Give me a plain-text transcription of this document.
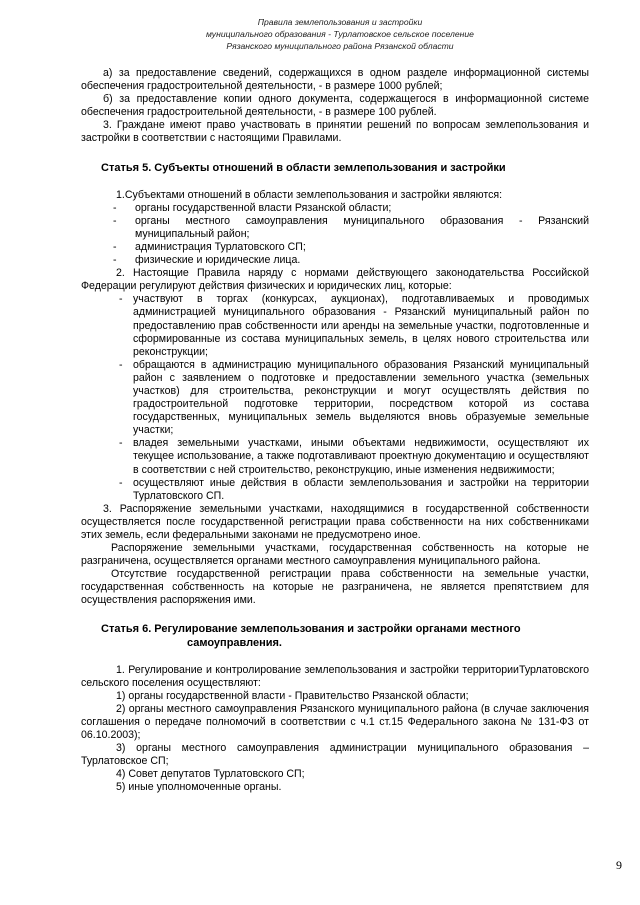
Правила землепользования и застройки
муниципального образования - Турлатовское сельское поселение
Рязанского муниципального района Рязанской области

а) за предоставление сведений, содержащихся в одном разделе информационной системы обеспечения градостроительной деятельности, - в размере 1000 рублей;

б) за предоставление копии одного документа, содержащегося в информационной системе обеспечения градостроительной деятельности, - в размере 100 рублей.

3. Граждане имеют право участвовать в принятии решений по вопросам землепользования и застройки в соответствии с настоящими Правилами.

Статья 5. Субъекты отношений в области землепользования и застройки

1.Субъектами отношений в области землепользования и застройки являются:

- органы государственной власти Рязанской области;
- органы местного самоуправления муниципального образования - Рязанский муниципальный район;
- администрация Турлатовского СП;
- физические и юридические лица.

2. Настоящие Правила наряду с нормами действующего законодательства Российской Федерации регулируют действия физических и юридических лиц, которые:

- участвуют в торгах (конкурсах, аукционах), подготавливаемых и проводимых администрацией муниципального образования - Рязанский муниципальный район по предоставлению прав собственности или аренды на земельные участки, подготовленные и сформированные из состава муниципальных земель, в целях нового строительства или реконструкции;
- обращаются в администрацию муниципального образования Рязанский муниципальный район с заявлением о подготовке и предоставлении земельного участка (земельных участков) для строительства, реконструкции и могут осуществлять действия по градостроительной подготовке территории, посредством которой из состава государственных, муниципальных земель выделяются вновь образуемые земельные участки;
- владея земельными участками, иными объектами недвижимости, осуществляют их текущее использование, а также подготавливают проектную документацию и осуществляют в соответствии с ней строительство, реконструкцию, иные изменения недвижимости;
- осуществляют иные действия в области землепользования и застройки на территории Турлатовского СП.

3. Распоряжение земельными участками, находящимися в государственной собственности осуществляется после государственной регистрации права собственности на них собственниками этих земель, если федеральными законами не предусмотрено иное.

Распоряжение земельными участками, государственная собственность на которые не разграничена, осуществляется органами местного самоуправления муниципального района.

Отсутствие государственной регистрации права собственности на земельные участки, государственная собственность на которые не разграничена, не является препятствием для осуществления распоряжения ими.

Статья 6. Регулирование землепользования и застройки органами местного
самоуправления.

1. Регулирование и контролирование землепользования и застройки территорииТурлатовского сельского поселения осуществляют:

1) органы государственной власти - Правительство Рязанской области;

2) органы местного самоуправления Рязанского муниципального района (в случае заключения соглашения о передаче полномочий в соответствии с ч.1 ст.15 Федерального закона № 131-ФЗ от 06.10.2003);

3) органы местного самоуправления администрации муниципального образования – Турлатовское СП;

4) Совет депутатов Турлатовского СП;

5) иные уполномоченные органы.

9
